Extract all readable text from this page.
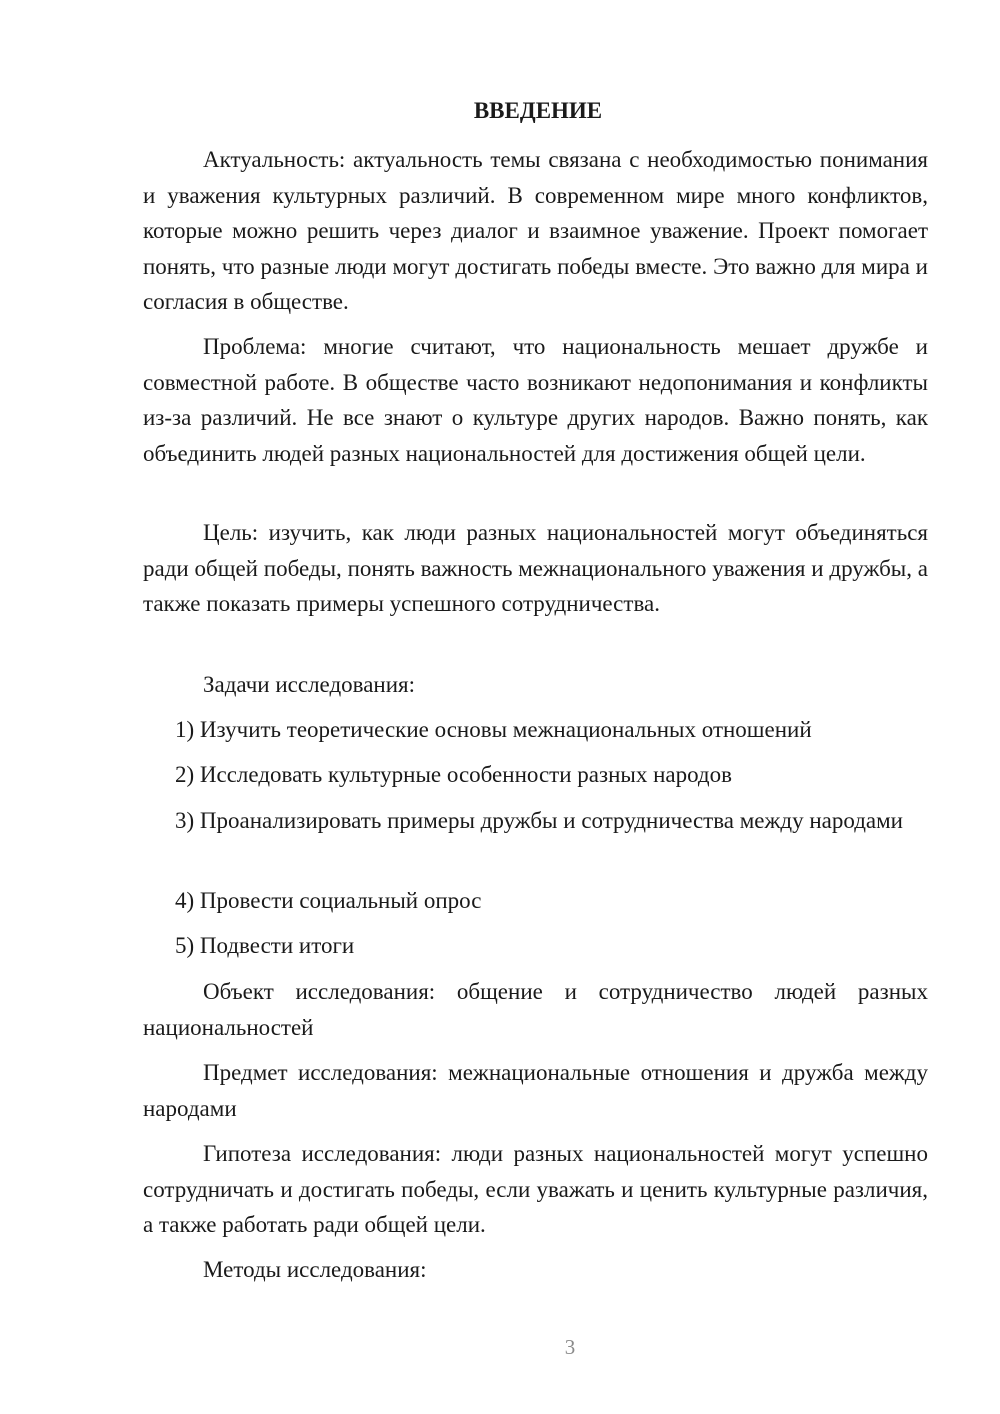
ВВЕДЕНИЕ

Актуальность: актуальность темы связана с необходимостью понимания и уважения культурных различий. В современном мире много конфликтов, которые можно решить через диалог и взаимное уважение. Проект помогает понять, что разные люди могут достигать победы вместе. Это важно для мира и согласия в обществе.

Проблема: многие считают, что национальность мешает дружбе и совместной работе. В обществе часто возникают недопонимания и конфликты из-за различий. Не все знают о культуре других народов. Важно понять, как объединить людей разных национальностей для достижения общей цели.

Цель: изучить, как люди разных национальностей могут объединяться ради общей победы, понять важность межнационального уважения и дружбы, а также показать примеры успешного сотрудничества.

Задачи исследования:

1) Изучить теоретические основы межнациональных отношений

2) Исследовать культурные особенности разных народов

3) Проанализировать примеры дружбы и сотрудничества между народами

4) Провести социальный опрос

5) Подвести итоги

Объект исследования: общение и сотрудничество людей разных национальностей

Предмет исследования: межнациональные отношения и дружба между народами

Гипотеза исследования: люди разных национальностей могут успешно сотрудничать и достигать победы, если уважать и ценить культурные различия, а также работать ради общей цели.

Методы исследования:

3
